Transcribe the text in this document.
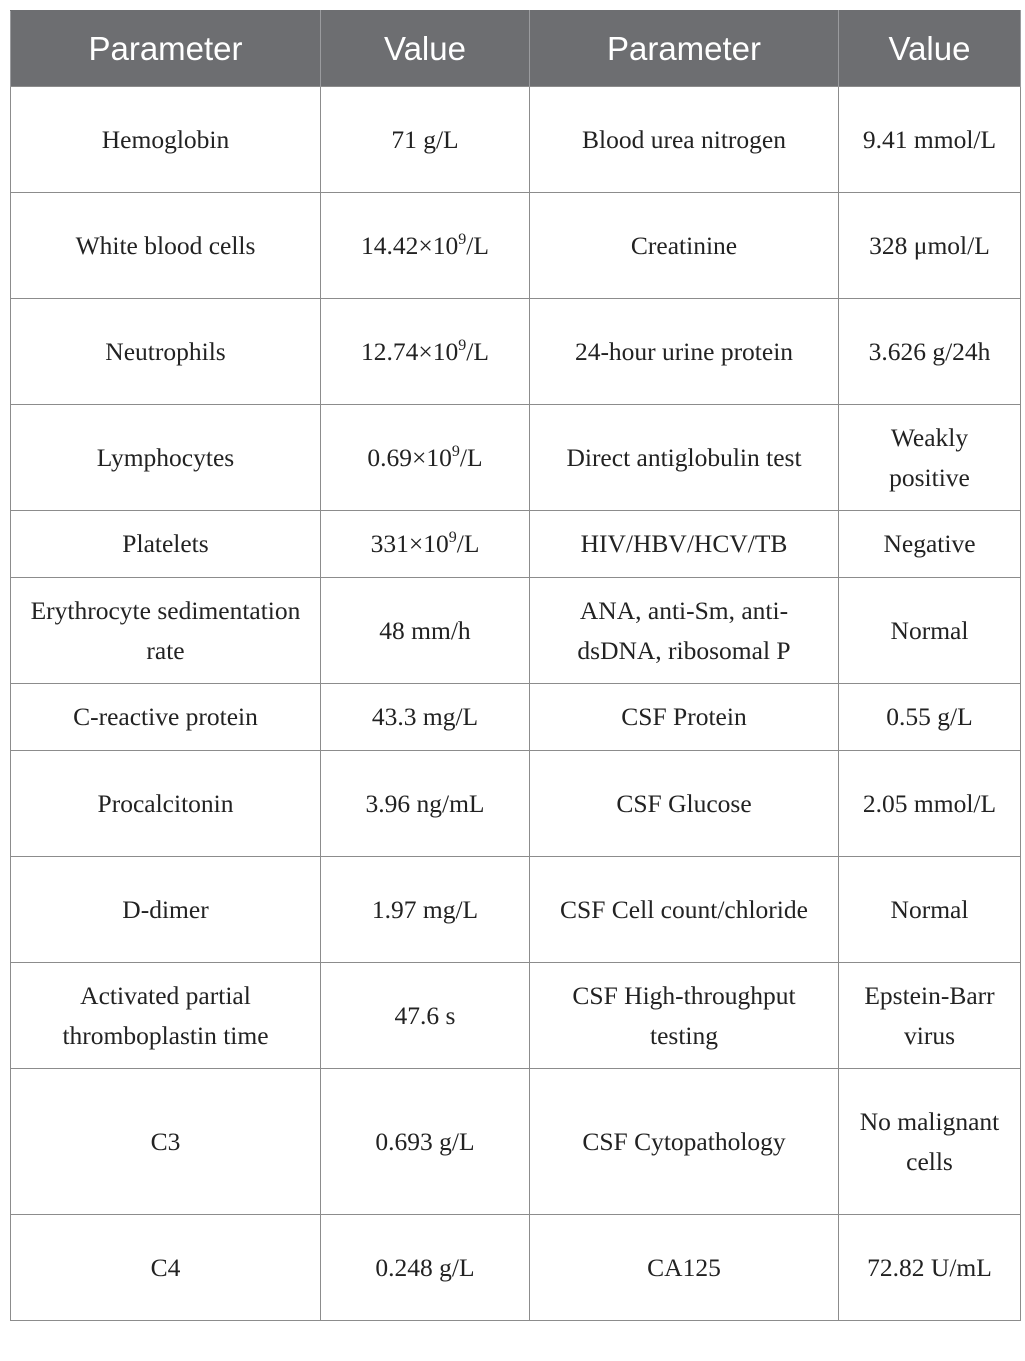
Parameter	Value	Parameter	Value
Hemoglobin	71 g/L	Blood urea nitrogen	9.41 mmol/L
White blood cells	$14.42\times 10^9/L$	Creatinine	328 μmol/L
Neutrophils	$12.74\times 10^9/L$	24-hour urine protein	3.626 g/24h
Lymphocytes	$0.69\times 10^9/L$	Direct antiglobulin test	Weakly positive
Platelets	$331\times 10^9/L$	HIV/HBV/HCV/TB	Negative
Erythrocyte sedimentation rate	48 mm/h	ANA, anti-Sm, anti-dsDNA, ribosomal P	Normal
C-reactive protein	43.3 mg/L	CSF Protein	0.55 g/L
Procalcitonin	3.96 ng/mL	CSF Glucose	2.05 mmol/L
D-dimer	1.97 mg/L	CSF Cell count/chloride	Normal
Activated partial thromboplastin time	47.6 s	CSF High-throughput testing	Epstein-Barr virus
C3	0.693 g/L	CSF Cytopathology	No malignant cells
C4	0.248 g/L	CA125	72.82 U/mL
